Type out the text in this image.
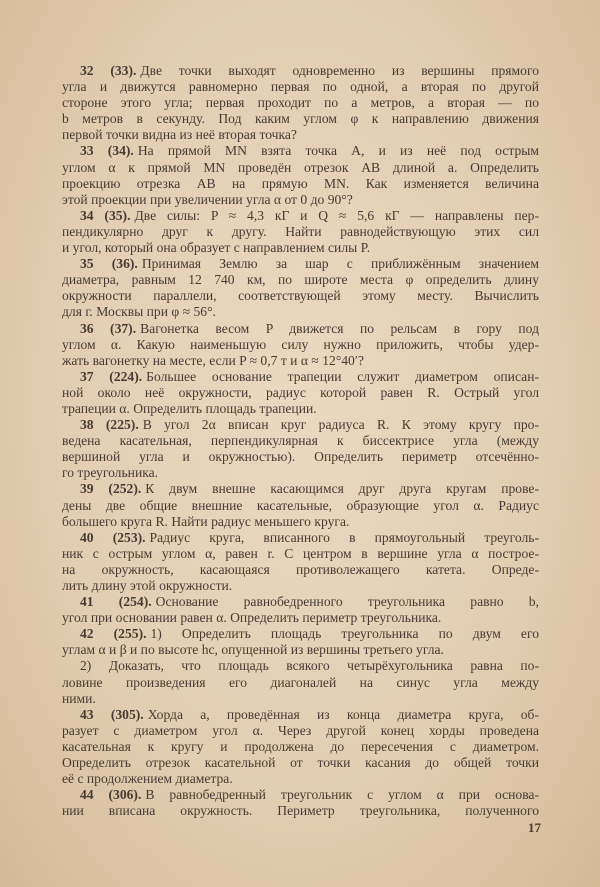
32 (33). Две точки выходят одновременно из вершины прямого
угла и движутся равномерно первая по одной, а вторая по другой
стороне этого угла; первая проходит по a метров, а вторая — по
b метров в секунду. Под каким углом φ к направлению движения
первой точки видна из неё вторая точка?
33 (34). На прямой MN взята точка A, и из неё под острым
углом α к прямой MN проведён отрезок AB длиной a. Определить
проекцию отрезка AB на прямую MN. Как изменяется величина
этой проекции при увеличении угла α от 0 до 90°?
34 (35). Две силы: P ≈ 4,3 кГ и Q ≈ 5,6 кГ — направлены пер-
пендикулярно друг к другу. Найти равнодействующую этих сил
и угол, который она образует с направлением силы P.
35 (36). Принимая Землю за шар с приближённым значением
диаметра, равным 12 740 км, по широте места φ определить длину
окружности параллели, соответствующей этому месту. Вычислить
для г. Москвы при φ ≈ 56°.
36 (37). Вагонетка весом P движется по рельсам в гору под
углом α. Какую наименьшую силу нужно приложить, чтобы удер-
жать вагонетку на месте, если P ≈ 0,7 т и α ≈ 12°40′?
37 (224). Большее основание трапеции служит диаметром описан-
ной около неё окружности, радиус которой равен R. Острый угол
трапеции α. Определить площадь трапеции.
38 (225). В угол 2α вписан круг радиуса R. К этому кругу про-
ведена касательная, перпендикулярная к биссектрисе угла (между
вершиной угла и окружностью). Определить периметр отсечённо-
го треугольника.
39 (252). К двум внешне касающимся друг друга кругам прове-
дены две общие внешние касательные, образующие угол α. Радиус
большего круга R. Найти радиус меньшего круга.
40 (253). Радиус круга, вписанного в прямоугольный треуголь-
ник с острым углом α, равен r. С центром в вершине угла α построе-
на окружность, касающаяся противолежащего катета. Опреде-
лить длину этой окружности.
41 (254). Основание равнобедренного треугольника равно b,
угол при основании равен α. Определить периметр треугольника.
42 (255). 1) Определить площадь треугольника по двум его
углам α и β и по высоте hc, опущенной из вершины третьего угла.
2) Доказать, что площадь всякого четырёхугольника равна по-
ловине произведения его диагоналей на синус угла между
ними.
43 (305). Хорда a, проведённая из конца диаметра круга, об-
разует с диаметром угол α. Через другой конец хорды проведена
касательная к кругу и продолжена до пересечения с диаметром.
Определить отрезок касательной от точки касания до общей точки
её с продолжением диаметра.
44 (306). В равнобедренный треугольник с углом α при основа-
нии вписана окружность. Периметр треугольника, полученного
17
